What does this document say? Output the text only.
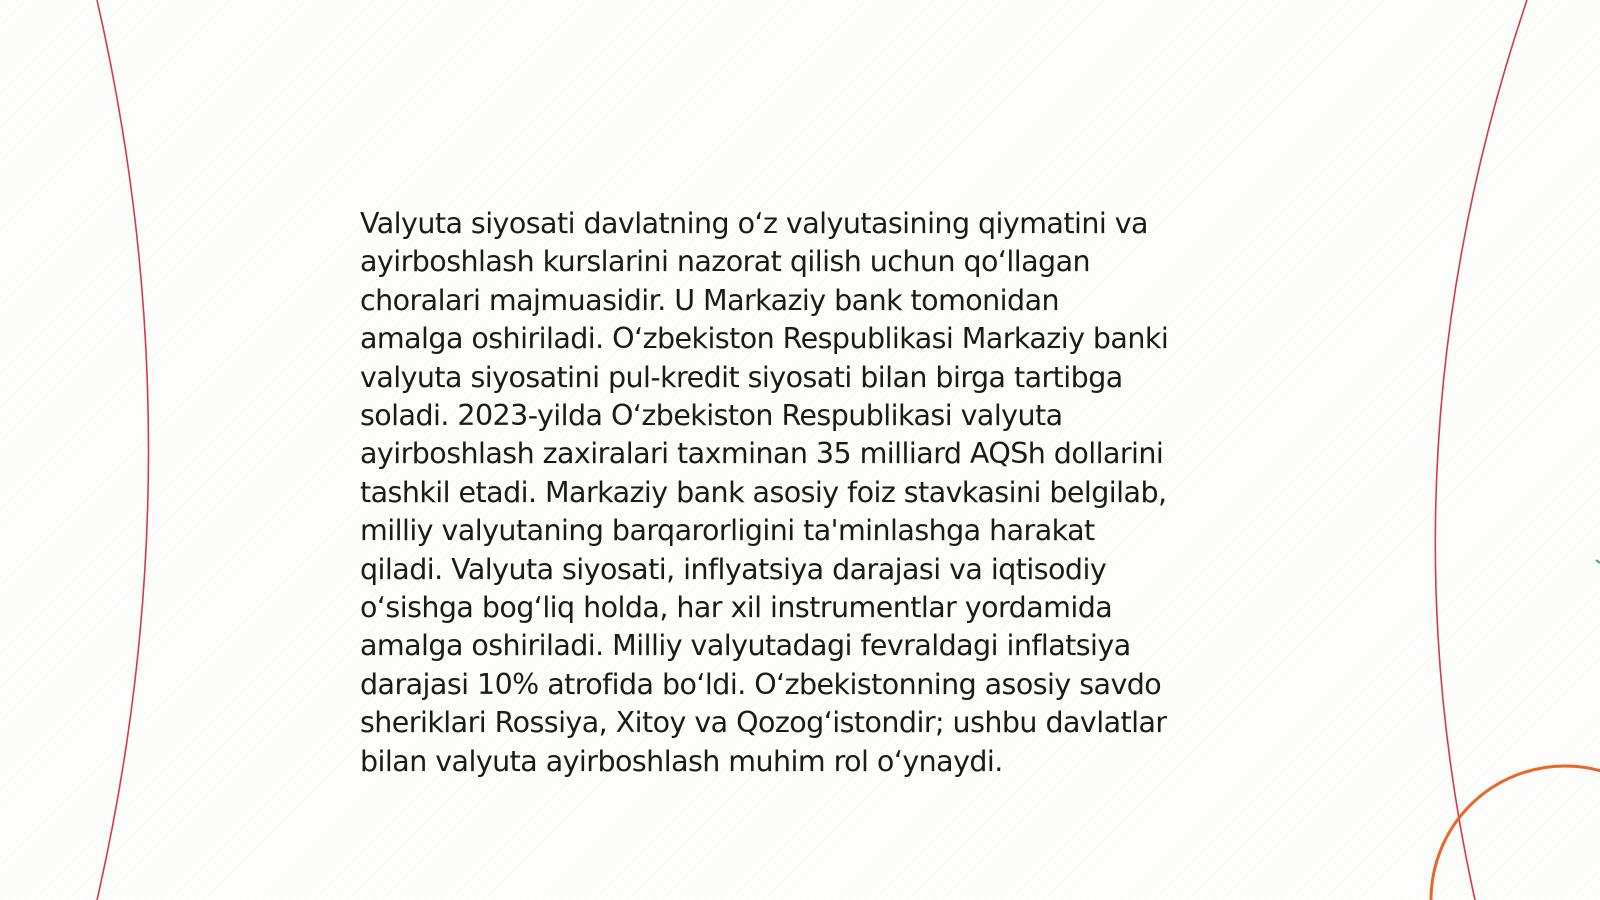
Valyuta siyosati davlatning oʻz valyutasining qiymatini va
ayirboshlash kurslarini nazorat qilish uchun qoʻllagan
choralari majmuasidir. U Markaziy bank tomonidan
amalga oshiriladi. Oʻzbekiston Respublikasi Markaziy banki
valyuta siyosatini pul-kredit siyosati bilan birga tartibga
soladi. 2023-yilda Oʻzbekiston Respublikasi valyuta
ayirboshlash zaxiralari taxminan 35 milliard AQSh dollarini
tashkil etadi. Markaziy bank asosiy foiz stavkasini belgilab,
milliy valyutaning barqarorligini ta'minlashga harakat
qiladi. Valyuta siyosati, inflyatsiya darajasi va iqtisodiy
oʻsishga bogʻliq holda, har xil instrumentlar yordamida
amalga oshiriladi. Milliy valyutadagi fevraldagi inflatsiya
darajasi 10% atrofida boʻldi. Oʻzbekistonning asosiy savdo
sheriklari Rossiya, Xitoy va Qozogʻistondir; ushbu davlatlar
bilan valyuta ayirboshlash muhim rol oʻynaydi.
